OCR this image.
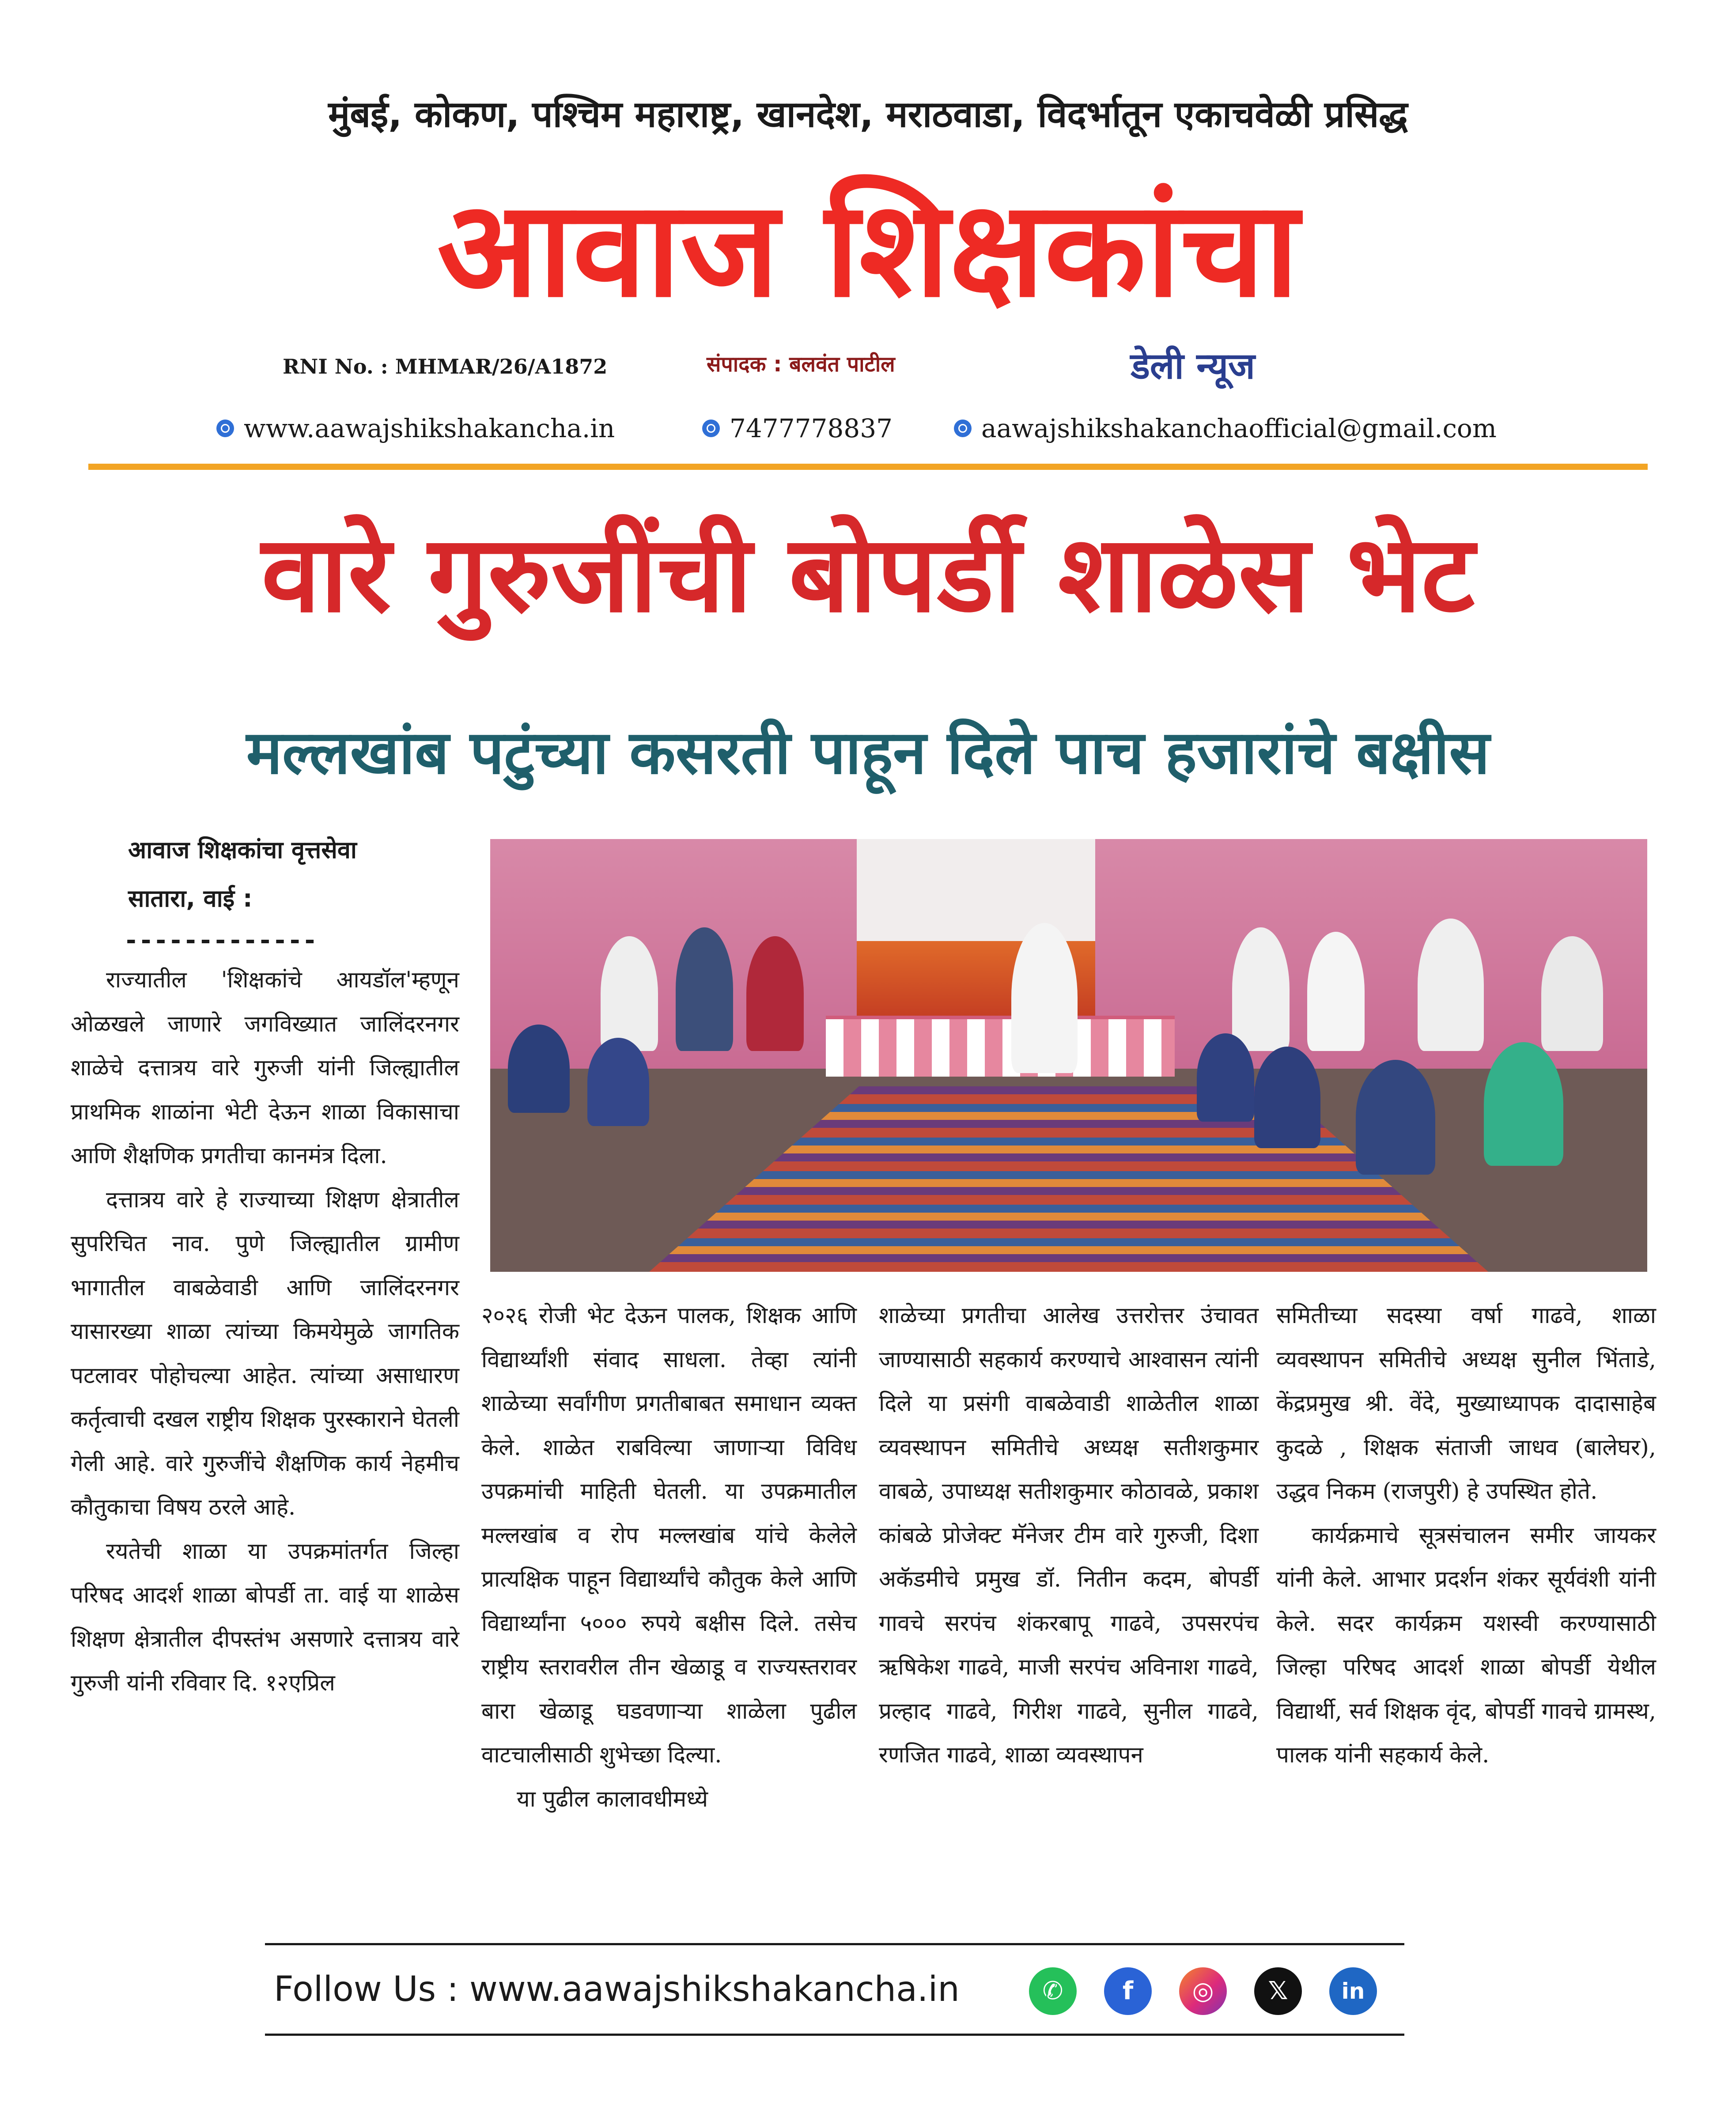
मुंबई, कोकण, पश्चिम महाराष्ट्र, खानदेश, मराठवाडा, विदर्भातून एकाचवेळी प्रसिद्ध
आवाज शिक्षकांचा
RNI No. : MHMAR/26/A1872	संपादक : बलवंत पाटील	डेली न्यूज
www.aawajshikshakancha.in	7477778837	aawajshikshakanchaofficial@gmail.com
वारे गुरुजींची बोपर्डी शाळेस भेट
मल्लखांब पटुंच्या कसरती पाहून दिले पाच हजारांचे बक्षीस
आवाज शिक्षकांचा वृत्तसेवा
सातारा, वाई :
-------------

राज्यातील 'शिक्षकांचे आयडॉल'म्हणून ओळखले जाणारे जगविख्यात जालिंदरनगर शाळेचे दत्तात्रय वारे गुरुजी यांनी जिल्ह्यातील प्राथमिक शाळांना भेटी देऊन शाळा विकासाचा आणि शैक्षणिक प्रगतीचा कानमंत्र दिला.

दत्तात्रय वारे हे राज्याच्या शिक्षण क्षेत्रातील सुपरिचित नाव. पुणे जिल्ह्यातील ग्रामीण भागातील वाबळेवाडी आणि जालिंदरनगर यासारख्या शाळा त्यांच्या किमयेमुळे जागतिक पटलावर पोहोचल्या आहेत. त्यांच्या असाधारण कर्तृत्वाची दखल राष्ट्रीय शिक्षक पुरस्काराने घेतली गेली आहे. वारे गुरुजींचे शैक्षणिक कार्य नेहमीच कौतुकाचा विषय ठरले आहे.

रयतेची शाळा या उपक्रमांतर्गत जिल्हा परिषद आदर्श शाळा बोपर्डी ता. वाई या शाळेस शिक्षण क्षेत्रातील दीपस्तंभ असणारे दत्तात्रय वारे गुरुजी यांनी रविवार दि. १२एप्रिल

२०२६ रोजी भेट देऊन पालक, शिक्षक आणि विद्यार्थ्यांशी संवाद साधला. तेव्हा त्यांनी शाळेच्या सर्वांगीण प्रगतीबाबत समाधान व्यक्त केले. शाळेत राबविल्या जाणाऱ्या विविध उपक्रमांची माहिती घेतली. या उपक्रमातील मल्लखांब व रोप मल्लखांब यांचे केलेले प्रात्यक्षिक पाहून विद्यार्थ्यांचे कौतुक केले आणि विद्यार्थ्यांना ५००० रुपये बक्षीस दिले. तसेच राष्ट्रीय स्तरावरील तीन खेळाडू व राज्यस्तरावर बारा खेळाडू घडवणाऱ्या शाळेला पुढील वाटचालीसाठी शुभेच्छा दिल्या.

या पुढील कालावधीमध्ये

शाळेच्या प्रगतीचा आलेख उत्तरोत्तर उंचावत जाण्यासाठी सहकार्य करण्याचे आश्वासन त्यांनी दिले या प्रसंगी वाबळेवाडी शाळेतील शाळा व्यवस्थापन समितीचे अध्यक्ष सतीशकुमार वाबळे, उपाध्यक्ष सतीशकुमार कोठावळे, प्रकाश कांबळे प्रोजेक्ट मॅनेजर टीम वारे गुरुजी, दिशा अकॅडमीचे प्रमुख डॉ. नितीन कदम, बोपर्डी गावचे सरपंच शंकरबापू गाढवे, उपसरपंच ऋषिकेश गाढवे, माजी सरपंच अविनाश गाढवे, प्रल्हाद गाढवे, गिरीश गाढवे, सुनील गाढवे, रणजित गाढवे, शाळा व्यवस्थापन

समितीच्या सदस्या वर्षा गाढवे, शाळा व्यवस्थापन समितीचे अध्यक्ष सुनील भिंताडे, केंद्रप्रमुख श्री. वेंदे, मुख्याध्यापक दादासाहेब कुदळे , शिक्षक संताजी जाधव (बालेघर), उद्धव निकम (राजपुरी) हे उपस्थित होते.

कार्यक्रमाचे सूत्रसंचालन समीर जायकर यांनी केले. आभार प्रदर्शन शंकर सूर्यवंशी यांनी केले. सदर कार्यक्रम यशस्वी करण्यासाठी जिल्हा परिषद आदर्श शाळा बोपर्डी येथील विद्यार्थी, सर्व शिक्षक वृंद, बोपर्डी गावचे ग्रामस्थ, पालक यांनी सहकार्य केले.

Follow Us : www.aawajshikshakancha.in	✆	f	◎	𝕏	in
